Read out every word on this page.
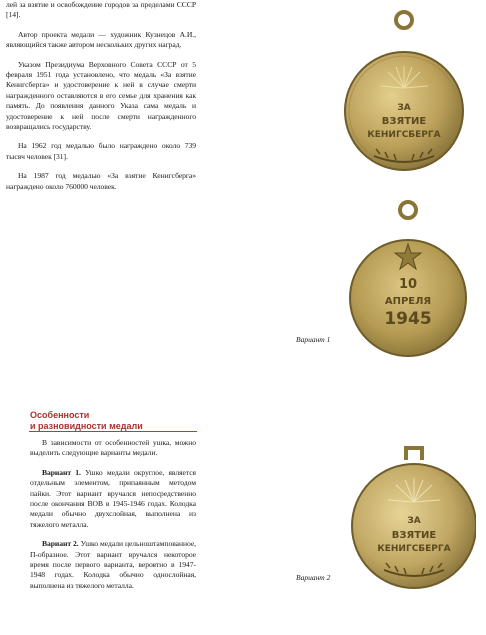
лей за взятие и освобождение городов за пределами СССР [14].

Автор проекта медали — художник Кузнецов А.И., являющийся также автором нескольких других наград.

Указом Президиума Верховного Совета СССР от 5 февраля 1951 года установлено, что медаль «За взятие Кенигсберга» и удостоверение к ней в случае смерти награжденного оставляются в его семье для хранения как память. До появления данного Указа сама медаль и удостоверение к ней после смерти награжденного возвращались государству.

На 1962 год медалью было награждено около 739 тысяч человек [31].

На 1987 год медалью «За взятие Кенигсберга» награждено около 760000 человек.

Особенности
и разновидности медали

В зависимости от особенностей ушка, можно выделить следующие варианты медали.

Вариант 1. Ушко медали округлое, является отдельным элементом, припаянным методом пайки. Этот вариант вручался непосредственно после окончания ВОВ в 1945-1946 годах. Колодка медали обычно двухслойная, выполнена из тяжелого металла.

Вариант 2. Ушко медали цельноштампованное, П-образное. Этот вариант вручался некоторое время после первого варианта, вероятно в 1947-1948 годах. Колодка обычно однослойная, выполнена из тяжелого металла.

ЗА
ВЗЯТИЕ
КЕНИГСБЕРГА
10
АПРЕЛЯ
1945

Вариант 1

ЗА
ВЗЯТИЕ
КЕНИГСБЕРГА

Вариант 2
